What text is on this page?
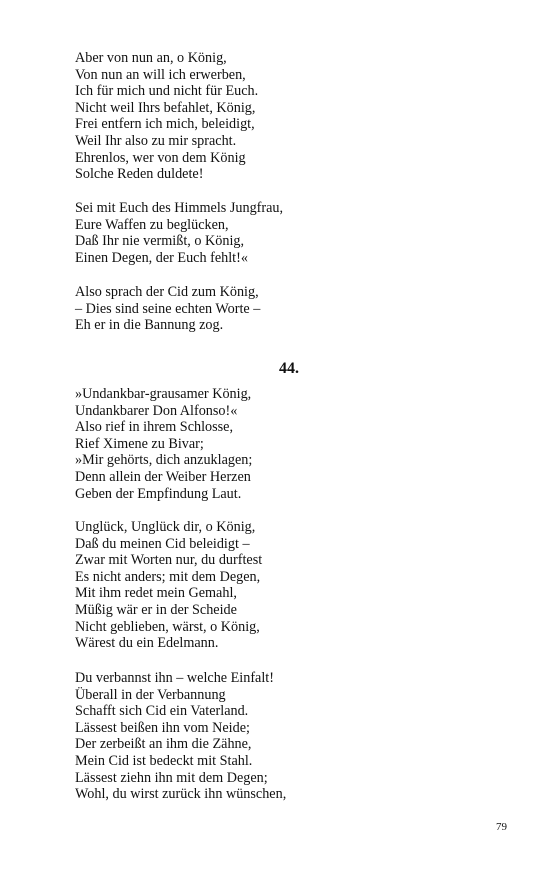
Aber von nun an, o König,
Von nun an will ich erwerben,
Ich für mich und nicht für Euch.
Nicht weil Ihrs befahlet, König,
Frei entfern ich mich, beleidigt,
Weil Ihr also zu mir spracht.
Ehrenlos, wer von dem König
Solche Reden duldete!
Sei mit Euch des Himmels Jungfrau,
Eure Waffen zu beglücken,
Daß Ihr nie vermißt, o König,
Einen Degen, der Euch fehlt!«
Also sprach der Cid zum König,
– Dies sind seine echten Worte –
Eh er in die Bannung zog.
44.
»Undankbar-grausamer König,
Undankbarer Don Alfonso!«
Also rief in ihrem Schlosse,
Rief Ximene zu Bivar;
»Mir gehörts, dich anzuklagen;
Denn allein der Weiber Herzen
Geben der Empfindung Laut.
Unglück, Unglück dir, o König,
Daß du meinen Cid beleidigt –
Zwar mit Worten nur, du durftest
Es nicht anders; mit dem Degen,
Mit ihm redet mein Gemahl,
Müßig wär er in der Scheide
Nicht geblieben, wärst, o König,
Wärest du ein Edelmann.
Du verbannst ihn – welche Einfalt!
Überall in der Verbannung
Schafft sich Cid ein Vaterland.
Lässest beißen ihn vom Neide;
Der zerbeißt an ihm die Zähne,
Mein Cid ist bedeckt mit Stahl.
Lässest ziehn ihn mit dem Degen;
Wohl, du wirst zurück ihn wünschen,
79
